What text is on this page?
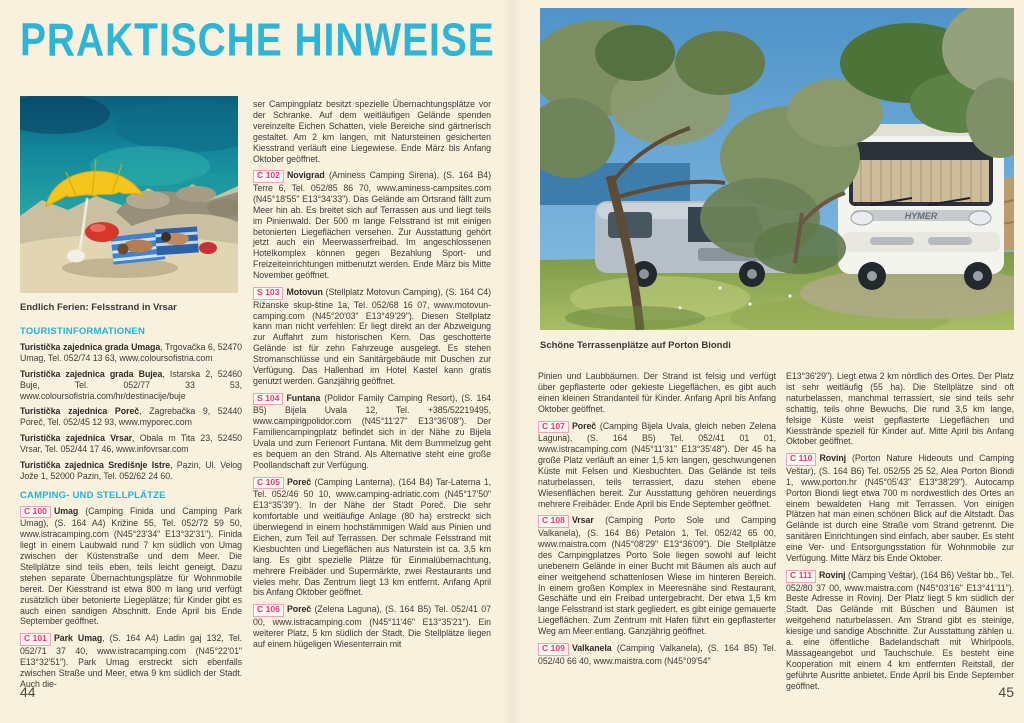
PRAKTISCHE HINWEISE
Endlich Ferien: Felsstrand in Vrsar
TOURISTINFORMATIONEN

Turistička zajednica grada Umaga, Trgovačka 6, 52470 Umag, Tel. 052/74 13 63, www.coloursofistria.com

Turistička zajednica grada Bujea, Istarska 2, 52460 Buje, Tel. 052/77 33 53, www.coloursofistria.com/hr/destinacije/buje

Turistička zajednica Poreč, Zagrebačka 9, 52440 Poreč, Tel. 052/45 12 93, www.myporec.com

Turistička zajednica Vrsar, Obala m Tita 23, 52450 Vrsar, Tel. 052/44 17 46, www.infovrsar.com

Turistička zajednica Središnje Istre, Pazin, Ul. Velog Jože 1, 52000 Pazin, Tel. 052/62 24 60.

CAMPING- UND STELLPLÄTZE

C 100 Umag (Camping Finida und Camping Park Umag), (S. 164 A4) Križine 55, Tel. 052/72 59 50, www.istracamping.com (N45°23'34" E13°32'31"). Finida liegt in einem Laubwald rund 7 km südlich von Umag zwischen der Küstenstraße und dem Meer. Die Stellplätze sind teils eben, teils leicht geneigt. Dazu stehen separate Übernachtungsplätze für Wohnmobile bereit. Der Kiesstrand ist etwa 800 m lang und verfügt zusätzlich über betonierte Liegeplätze; für Kinder gibt es auch einen sandigen Abschnitt. Ende April bis Ende September geöffnet.

C 101 Park Umag, (S. 164 A4) Ladin gaj 132, Tel. 052/71 37 40, www.istracamping.com (N45°22'01" E13°32'51"). Park Umag erstreckt sich ebenfalls zwischen Straße und Meer, etwa 9 km südlich der Stadt. Auch die-

ser Campingplatz besitzt spezielle Übernachtungsplätze vor der Schranke. Auf dem weitläufigen Gelände spenden vereinzelte Eichen Schatten, viele Bereiche sind gärtnerisch gestaltet. Am 2 km langen, mit Natursteinen gesicherten Kiesstrand verläuft eine Liegewiese. Ende März bis Anfang Oktober geöffnet.

C 102 Novigrad (Aminess Camping Sirena), (S. 164 B4) Terre 6, Tel. 052/85 86 70, www.aminess-campsites.com (N45°18'55" E13°34'33"). Das Gelände am Ortsrand fällt zum Meer hin ab. Es breitet sich auf Terrassen aus und liegt teils im Pinienwald. Der 500 m lange Felsstrand ist mit einigen betonierten Liegeflächen versehen. Zur Ausstattung gehört jetzt auch ein Meerwasserfreibad. Im angeschlossenen Hotelkomplex können gegen Bezahlung Sport- und Freizeiteinrichtungen mitbenutzt werden. Ende März bis Mitte November geöffnet.

S 103 Motovun (Stellplatz Motovun Camping), (S. 164 C4) Rižanske skup-štine 1a, Tel. 052/68 16 07, www.motovun-camping.com (N45°20'03" E13°49'29"). Diesen Stellplatz kann man nicht verfehlen: Er liegt direkt an der Abzweigung zur Auffahrt zum historischen Kern. Das geschotterte Gelände ist für zehn Fahrzeuge ausgelegt. Es stehen Stromanschlüsse und ein Sanitärgebäude mit Duschen zur Verfügung. Das Hallenbad im Hotel Kastel kann gratis genutzt werden. Ganzjährig geöffnet.

S 104 Funtana (Polidor Family Camping Resort), (S. 164 B5) Bijela Uvala 12, Tel. +385/52219495, www.campingpolidor.com (N45°11'27" E13°36'08"). Der Familiencampingplatz befindet sich in der Nähe zu Bijela Uvala und zum Ferienort Funtana. Mit dem Bummelzug geht es bequem an den Strand. Als Alternative steht eine große Poollandschaft zur Verfügung.

C 105 Poreč (Camping Lanterna), (164 B4) Tar-Laterna 1, Tel. 052/46 50 10, www.camping-adriatic.com (N45°17'50" E13°35'39"). In der Nähe der Stadt Poreč. Die sehr komfortable und weitläufige Anlage (80 ha) erstreckt sich überwiegend in einem hochstämmigen Wald aus Pinien und Eichen, zum Teil auf Terrassen. Der schmale Felsstrand mit Kiesbuchten und Liegeflächen aus Naturstein ist ca. 3,5 km lang. Es gibt spezielle Plätze für Einmalübernachtung, mehrere Freibäder und Supermärkte, zwei Restaurants und vieles mehr. Das Zentrum liegt 13 km entfernt. Anfang April bis Anfang Oktober geöffnet.

C 106 Poreč (Zelena Laguna), (S. 164 B5) Tel. 052/41 07 00, www.istracamping.com (N45°11'46" E13°35'21"). Ein weiterer Platz, 5 km südlich der Stadt. Die Stellplätze liegen auf einem hügeligen Wiesenterrain mit

44
HYMER
Schöne Terrassenplätze auf Porton Biondi

Pinien und Laubbäumen. Der Strand ist felsig und verfügt über gepflasterte oder gekieste Liegeflächen, es gibt auch einen kleinen Strandanteil für Kinder. Anfang April bis Anfang Oktober geöffnet.

C 107 Poreč (Camping Bijela Uvala, gleich neben Zelena Laguna), (S. 164 B5) Tel. 052/41 01 01, www.istracamping.com (N45°11'31" E13°35'48"). Der 45 ha große Platz verläuft an einer 1,5 km langen, geschwungenen Küste mit Felsen und Kiesbuchten. Das Gelände ist teils naturbelassen, teils terrassiert, dazu stehen ebene Wiesenflächen bereit. Zur Ausstattung gehören neuerdings mehrere Freibäder. Ende April bis Ende September geöffnet.

C 108 Vrsar (Camping Porto Sole und Camping Valkanela), (S. 164 B6) Petalon 1, Tel. 052/42 65 00, www.maistra.com (N45°08'29" E13°36'09"). Die Stellplätze des Campingplatzes Porto Sole liegen sowohl auf leicht unebenem Gelände in einer Bucht mit Bäumen als auch auf einer weitgehend schattenlosen Wiese im hinteren Bereich. In einem großen Komplex in Meeresnähe sind Restaurant, Geschäfte und ein Freibad untergebracht. Der etwa 1,5 km lange Felsstrand ist stark gegliedert, es gibt einige gemauerte Liegeflächen. Zum Zentrum mit Hafen führt ein gepflasterter Weg am Meer entlang. Ganzjährig geöffnet.

C 109 Valkanela (Camping Valkanela), (S. 164 B5) Tel. 052/40 66 40, www.maistra.com (N45°09'54"

E13°36'29"). Liegt etwa 2 km nördlich des Ortes. Der Platz ist sehr weitläufig (55 ha). Die Stellplätze sind oft naturbelassen, manchmal terrassiert, sie sind teils sehr schattig, teils ohne Bewuchs. Die rund 3,5 km lange, felsige Küste weist gepflasterte Liegeflächen und Kiesstrände speziell für Kinder auf. Mitte April bis Anfang Oktober geöffnet.

C 110 Rovinj (Porton Nature Hideouts und Camping Veštar), (S. 164 B6) Tel. 052/55 25 52, Alea Porton Biondi 1, www.porton.hr (N45°05'43" E13°38'29"). Autocamp Porton Biondi liegt etwa 700 m nordwestlich des Ortes an einem bewaldeten Hang mit Terrassen. Von einigen Plätzen hat man einen schönen Blick auf die Altstadt. Das Gelände ist durch eine Straße vom Strand getrennt. Die sanitären Einrichtungen sind einfach, aber sauber. Es steht eine Ver- und Entsorgungsstation für Wohnmobile zur Verfügung. Mitte März bis Ende Oktober.

C 111 Rovinj (Camping Veštar), (164 B6) Veštar bb., Tel. 052/80 37 00, www.maistra.com (N45°03'16" E13°41'11"). Beste Adresse in Rovinj. Der Platz liegt 5 km südlich der Stadt. Das Gelände mit Büschen und Bäumen ist weitgehend naturbelassen. Am Strand gibt es steinige, kiesige und sandige Abschnitte. Zur Ausstattung zählen u. a. eine öffentliche Badelandschaft mit Whirlpools, Massageangebot und Tauchschule. Es besteht eine Kooperation mit einem 4 km entfernten Reitstall, der geführte Ausritte anbietet. Ende April bis Ende September geöffnet.	45
